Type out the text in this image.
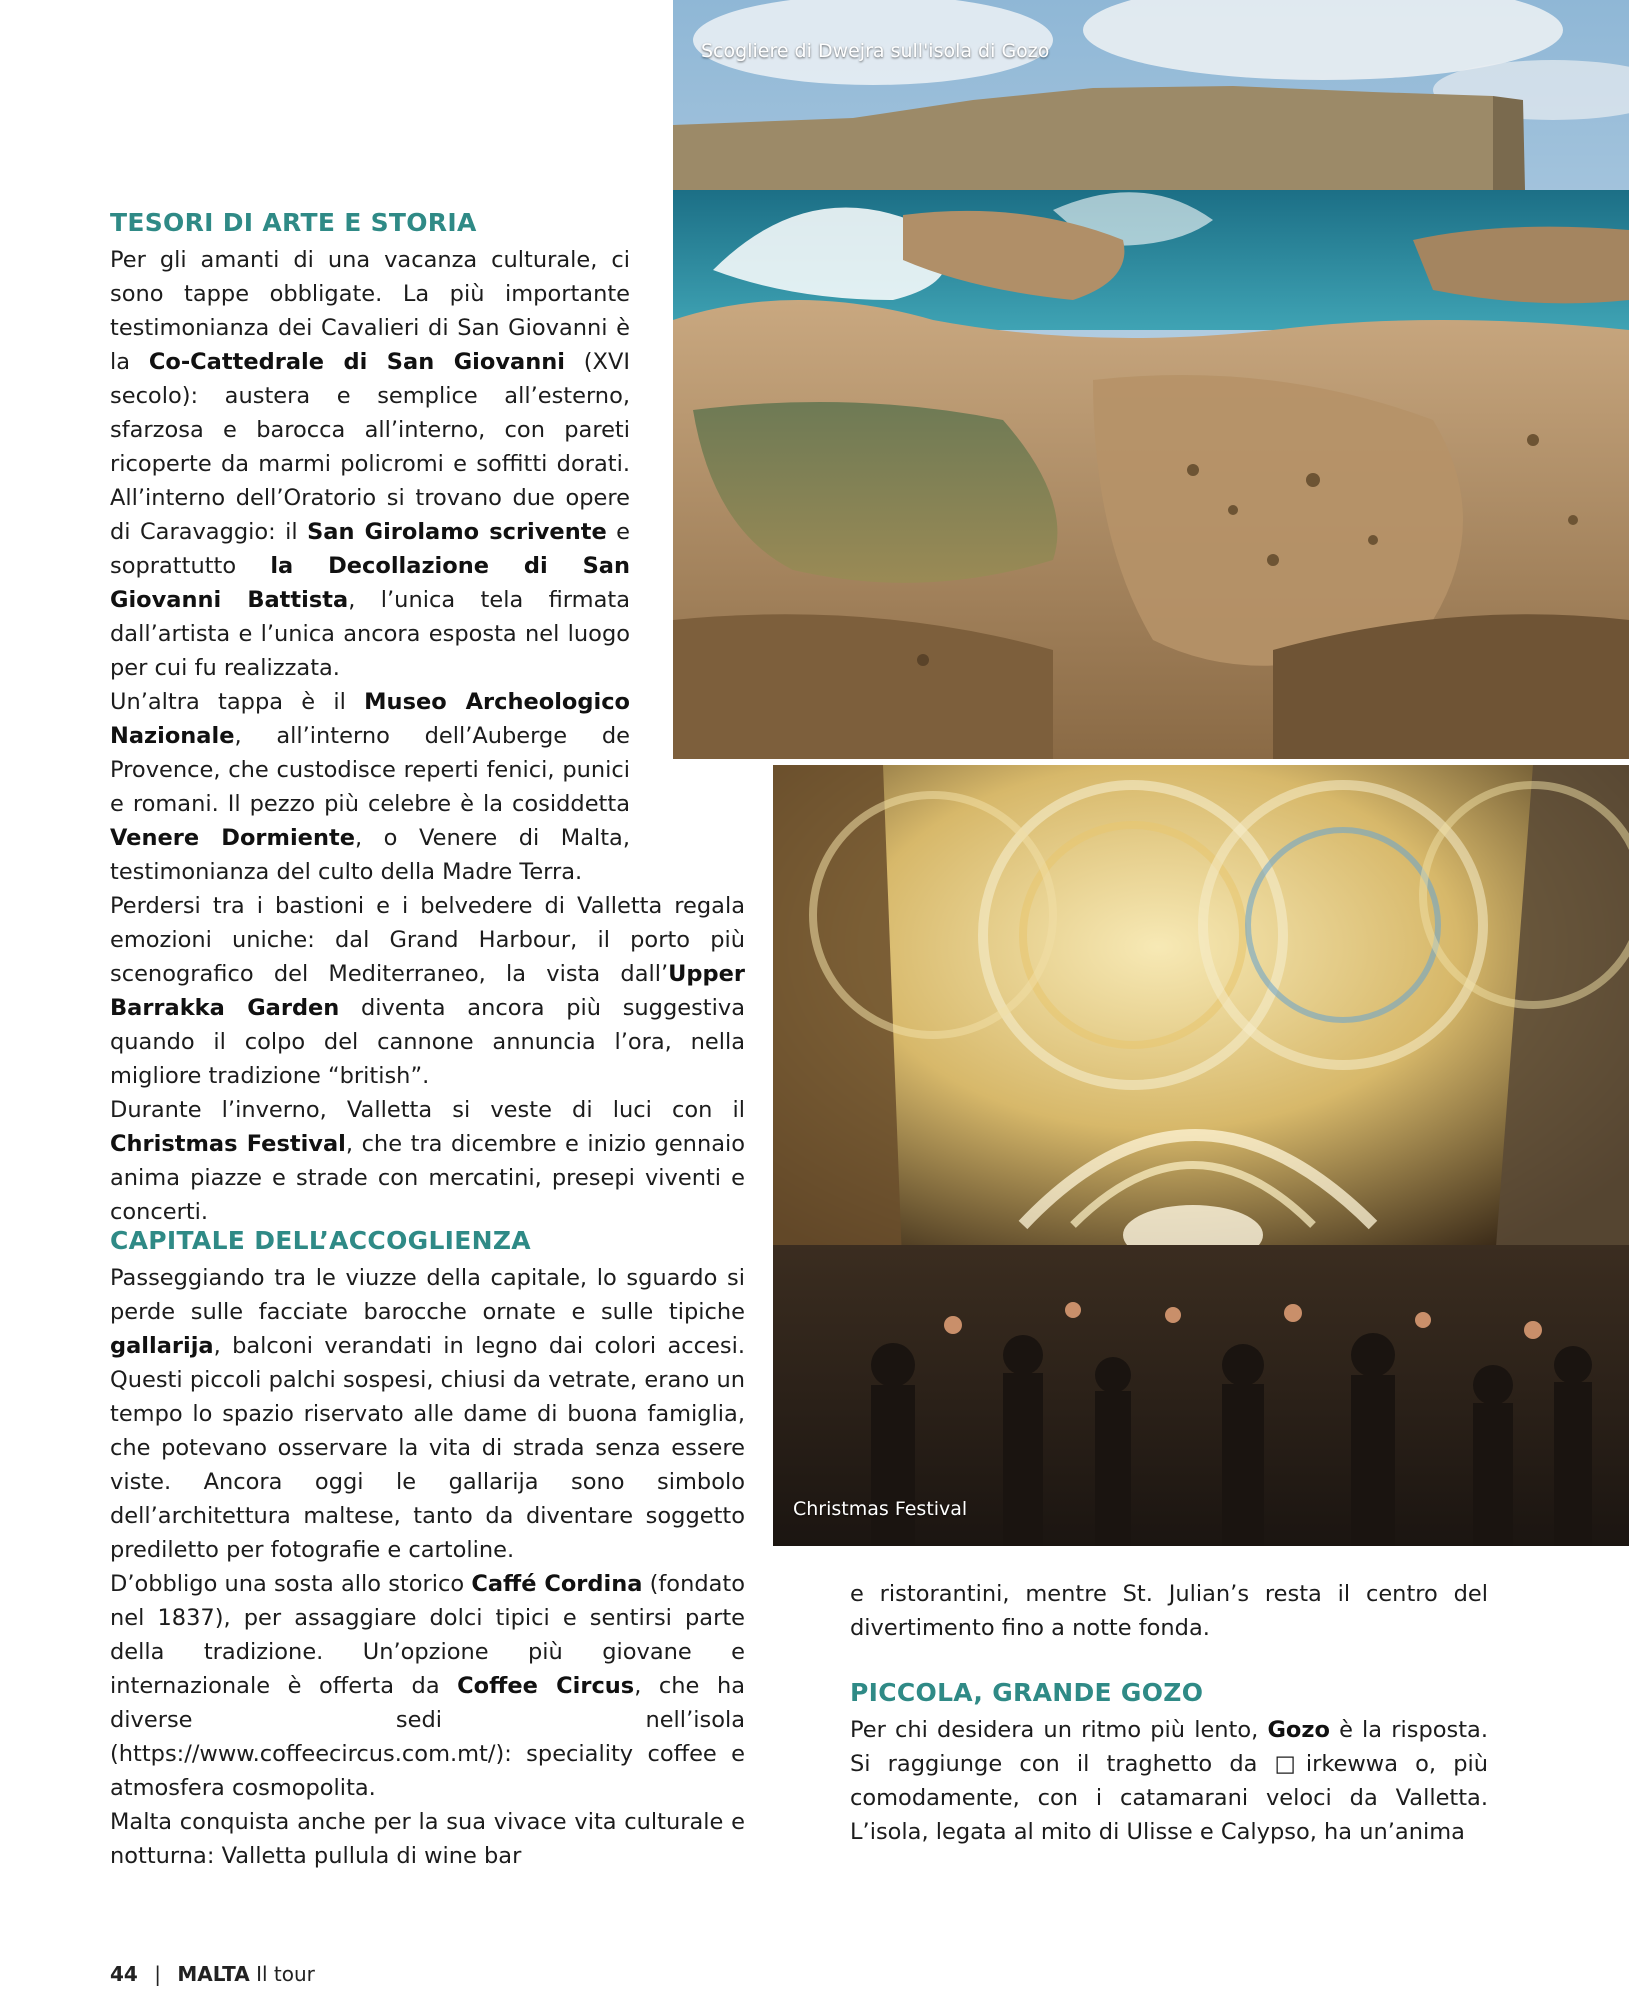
Scogliere di Dwejra sull'isola di Gozo
Christmas Festival
TESORI DI ARTE E STORIA

Per gli amanti di una vacanza culturale, ci sono tappe obbligate. La più importante testimonianza dei Cavalieri di San Giovanni è la Co-Cattedrale di San Giovanni (XVI secolo): austera e semplice all’esterno, sfarzosa e barocca all’interno, con pareti ricoperte da marmi policromi e soffitti dorati. All’interno dell’Oratorio si trovano due opere di Caravaggio: il San Girolamo scrivente e soprattutto la Decollazione di San Giovanni Battista, l’unica tela firmata dall’artista e l’unica ancora esposta nel luogo per cui fu realizzata.

Un’altra tappa è il Museo Archeologico Nazionale, all’interno dell’Auberge de Provence, che custodisce reperti fenici, punici e romani. Il pezzo più celebre è la cosiddetta Venere Dormiente, o Venere di Malta, testimonianza del culto della Madre Terra.

Perdersi tra i bastioni e i belvedere di Valletta regala emozioni uniche: dal Grand Harbour, il porto più scenografico del Mediterraneo, la vista dall’Upper Barrakka Garden diventa ancora più suggestiva quando il colpo del cannone annuncia l’ora, nella migliore tradizione “british”.

Durante l’inverno, Valletta si veste di luci con il Christmas Festival, che tra dicembre e inizio gennaio anima piazze e strade con mercatini, presepi viventi e concerti.

CAPITALE DELL’ACCOGLIENZA

Passeggiando tra le viuzze della capitale, lo sguardo si perde sulle facciate barocche ornate e sulle tipiche gallarija, balconi verandati in legno dai colori accesi. Questi piccoli palchi sospesi, chiusi da vetrate, erano un tempo lo spazio riservato alle dame di buona famiglia, che potevano osservare la vita di strada senza essere viste. Ancora oggi le gallarija sono simbolo dell’architettura maltese, tanto da diventare soggetto prediletto per fotografie e cartoline.

D’obbligo una sosta allo storico Caffé Cordina (fondato nel 1837), per assaggiare dolci tipici e sentirsi parte della tradizione. Un’opzione più giovane e internazionale è offerta da Coffee Circus, che ha diverse sedi nell’isola (https://www.coffeecircus.com.mt/): speciality coffee e atmosfera cosmopolita.

Malta conquista anche per la sua vivace vita culturale e notturna: Valletta pullula di wine bar

e ristorantini, mentre St. Julian’s resta il centro del divertimento fino a notte fonda.

PICCOLA, GRANDE GOZO

Per chi desidera un ritmo più lento, Gozo è la risposta. Si raggiunge con il traghetto da □irkewwa o, più comodamente, con i catamarani veloci da Valletta. L’isola, legata al mito di Ulisse e Calypso, ha un’anima

44 | MALTA Il tour
